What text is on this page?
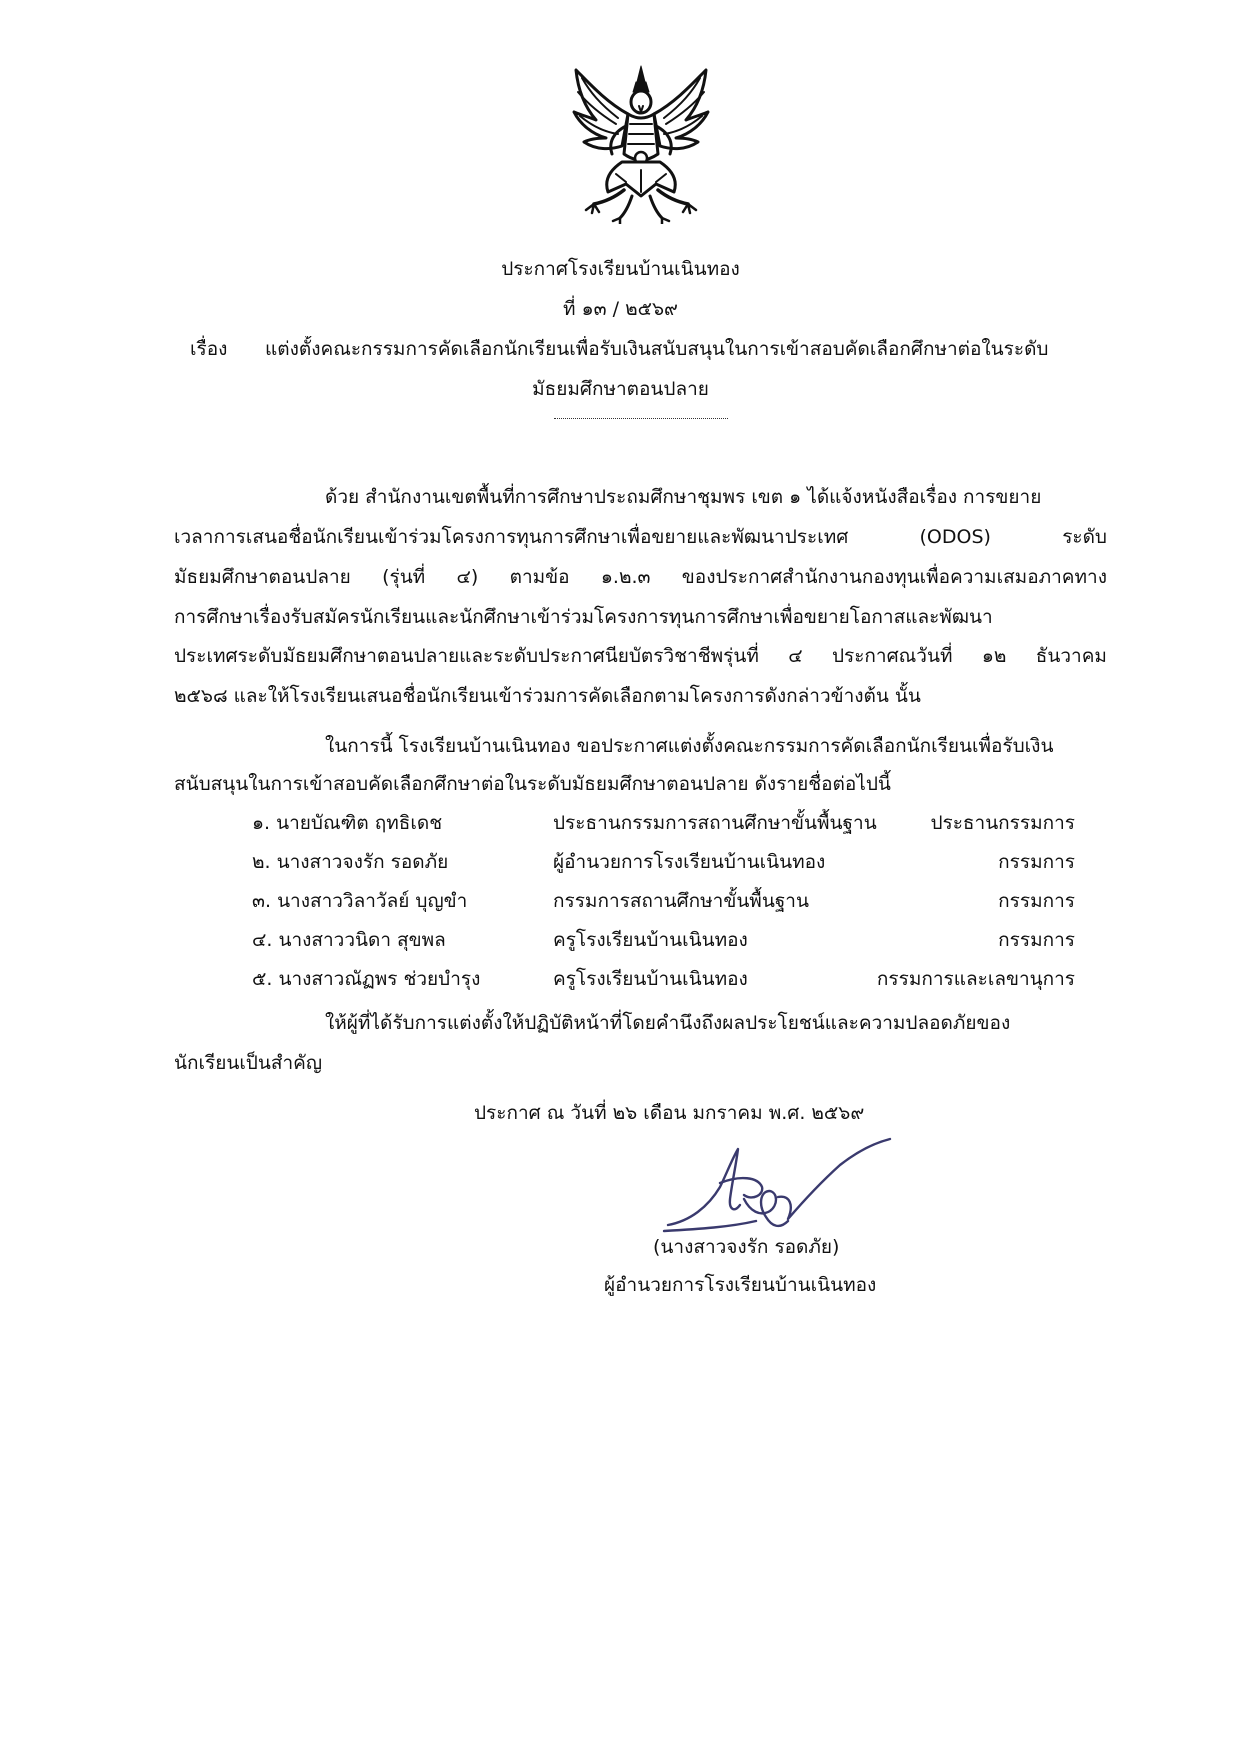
ประกาศโรงเรียนบ้านเนินทอง
ที่ ๑๓ / ๒๕๖๙
เรื่อง แต่งตั้งคณะกรรมการคัดเลือกนักเรียนเพื่อรับเงินสนับสนุนในการเข้าสอบคัดเลือกศึกษาต่อในระดับ
มัธยมศึกษาตอนปลาย
ด้วย สำนักงานเขตพื้นที่การศึกษาประถมศึกษาชุมพร เขต ๑ ได้แจ้งหนังสือเรื่อง การขยาย
เวลาการเสนอชื่อนักเรียนเข้าร่วมโครงการทุนการศึกษาเพื่อขยายและพัฒนาประเทศ	(ODOS)	ระดับ
มัธยมศึกษาตอนปลาย (รุ่นที่ ๔) ตามข้อ ๑.๒.๓ ของประกาศสำนักงานกองทุนเพื่อความเสมอภาคทาง
การศึกษาเรื่องรับสมัครนักเรียนและนักศึกษาเข้าร่วมโครงการทุนการศึกษาเพื่อขยายโอกาสและพัฒนา
ประเทศระดับมัธยมศึกษาตอนปลายและระดับประกาศนียบัตรวิชาชีพรุ่นที่ ๔ ประกาศณวันที่ ๑๒ ธันวาคม
๒๕๖๘ และให้โรงเรียนเสนอชื่อนักเรียนเข้าร่วมการคัดเลือกตามโครงการดังกล่าวข้างต้น นั้น
ในการนี้ โรงเรียนบ้านเนินทอง ขอประกาศแต่งตั้งคณะกรรมการคัดเลือกนักเรียนเพื่อรับเงิน
สนับสนุนในการเข้าสอบคัดเลือกศึกษาต่อในระดับมัธยมศึกษาตอนปลาย ดังรายชื่อต่อไปนี้
๑. นายบัณฑิต ฤทธิเดช	ประธานกรรมการสถานศึกษาขั้นพื้นฐาน	ประธานกรรมการ
๒. นางสาวจงรัก รอดภัย	ผู้อำนวยการโรงเรียนบ้านเนินทอง	กรรมการ
๓. นางสาววิลาวัลย์ บุญขำ	กรรมการสถานศึกษาขั้นพื้นฐาน	กรรมการ
๔. นางสาววนิดา สุขพล	ครูโรงเรียนบ้านเนินทอง	กรรมการ
๕. นางสาวณัฏพร ช่วยบำรุง	ครูโรงเรียนบ้านเนินทอง	กรรมการและเลขานุการ
ให้ผู้ที่ได้รับการแต่งตั้งให้ปฏิบัติหน้าที่โดยคำนึงถึงผลประโยชน์และความปลอดภัยของ
นักเรียนเป็นสำคัญ
ประกาศ ณ วันที่ ๒๖ เดือน มกราคม พ.ศ. ๒๕๖๙
(นางสาวจงรัก รอดภัย)
ผู้อำนวยการโรงเรียนบ้านเนินทอง
